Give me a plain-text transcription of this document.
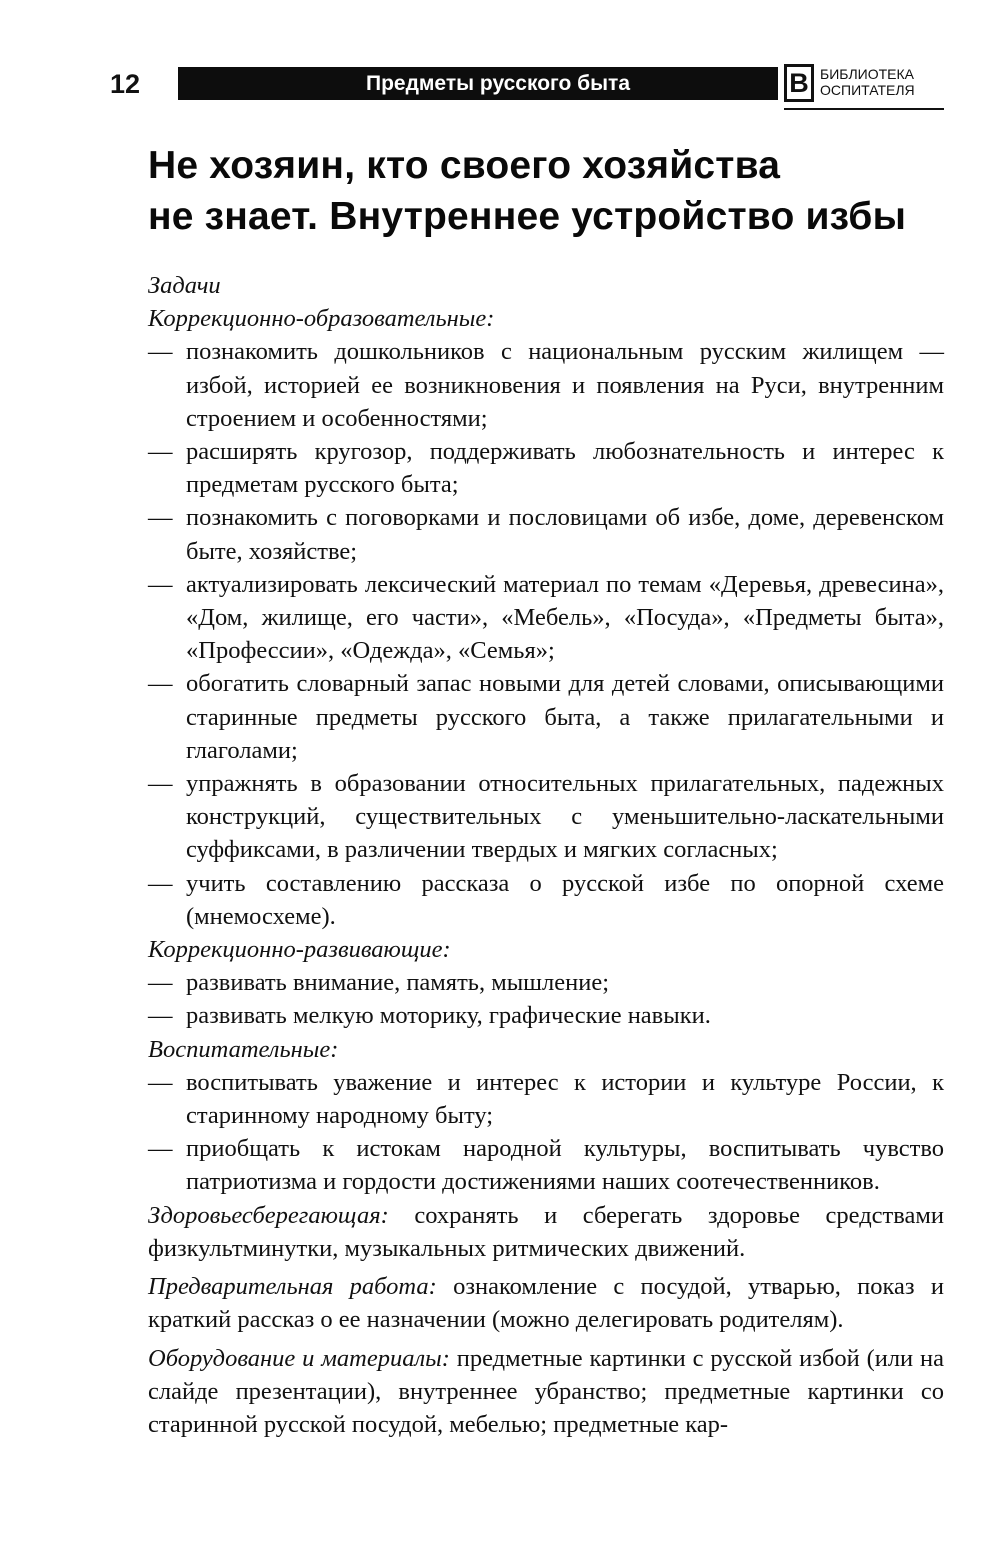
12	Предметы русского быта	В БИБЛИОТЕКА
ОСПИТАТЕЛЯ
Не хозяин, кто своего хозяйства
не знает. Внутреннее устройство избы

Задачи

Коррекционно-образовательные:

— познакомить дошкольников с национальным русским жилищем — избой, историей ее возникновения и появления на Руси, внутренним строением и особенностями;

— расширять кругозор, поддерживать любознательность и интерес к предметам русского быта;

— познакомить с поговорками и пословицами об избе, доме, деревенском быте, хозяйстве;

— актуализировать лексический материал по темам «Деревья, древесина», «Дом, жилище, его части», «Мебель», «Посуда», «Предметы быта», «Профессии», «Одежда», «Семья»;

— обогатить словарный запас новыми для детей словами, описывающими старинные предметы русского быта, а также прилагательными и глаголами;

— упражнять в образовании относительных прилагательных, падежных конструкций, существительных с уменьшительно-ласкательными суффиксами, в различении твердых и мягких согласных;

— учить составлению рассказа о русской избе по опорной схеме (мнемосхеме).

Коррекционно-развивающие:

— развивать внимание, память, мышление;

— развивать мелкую моторику, графические навыки.

Воспитательные:

— воспитывать уважение и интерес к истории и культуре России, к старинному народному быту;

— приобщать к истокам народной культуры, воспитывать чувство патриотизма и гордости достижениями наших соотечественников.

Здоровьесберегающая: сохранять и сберегать здоровье средствами физкультминутки, музыкальных ритмических движений.

Предварительная работа: ознакомление с посудой, утварью, показ и краткий рассказ о ее назначении (можно делегировать родителям).

Оборудование и материалы: предметные картинки с русской избой (или на слайде презентации), внутреннее убранство; предметные картинки со старинной русской посудой, мебелью; предметные кар-
